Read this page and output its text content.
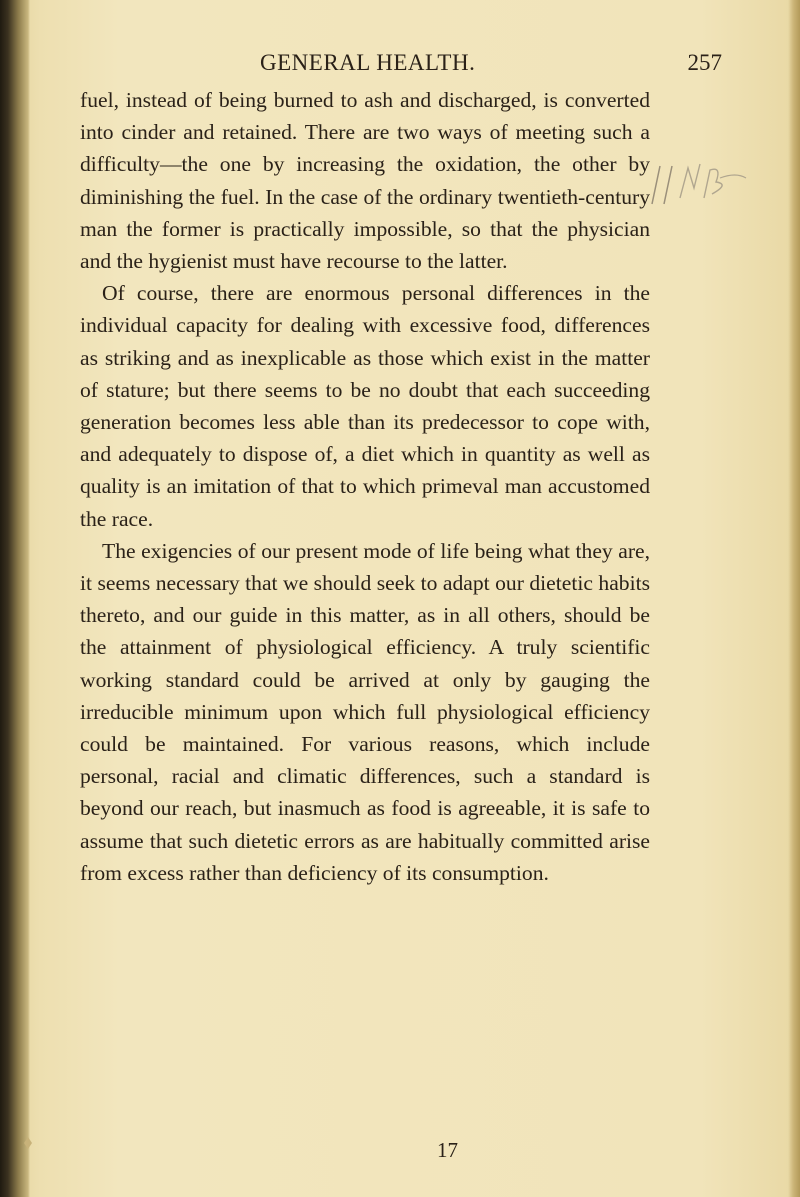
GENERAL HEALTH.	257

fuel, instead of being burned to ash and discharged, is converted into cinder and retained. There are two ways of meeting such a difficulty—the one by increasing the oxidation, the other by diminishing the fuel. In the case of the ordinary twentieth-century man the former is practically impossible, so that the physician and the hygienist must have recourse to the latter.

Of course, there are enormous personal differences in the individual capacity for dealing with excessive food, differences as striking and as inexplicable as those which exist in the matter of stature; but there seems to be no doubt that each succeeding generation becomes less able than its predecessor to cope with, and adequately to dispose of, a diet which in quantity as well as quality is an imitation of that to which primeval man accustomed the race.

The exigencies of our present mode of life being what they are, it seems necessary that we should seek to adapt our dietetic habits thereto, and our guide in this matter, as in all others, should be the attainment of physiological efficiency. A truly scientific working standard could be arrived at only by gauging the irreducible minimum upon which full physiological efficiency could be maintained. For various reasons, which include personal, racial and climatic differences, such a standard is beyond our reach, but inasmuch as food is agreeable, it is safe to assume that such dietetic errors as are habitually committed arise from excess rather than deficiency of its consumption.

17
